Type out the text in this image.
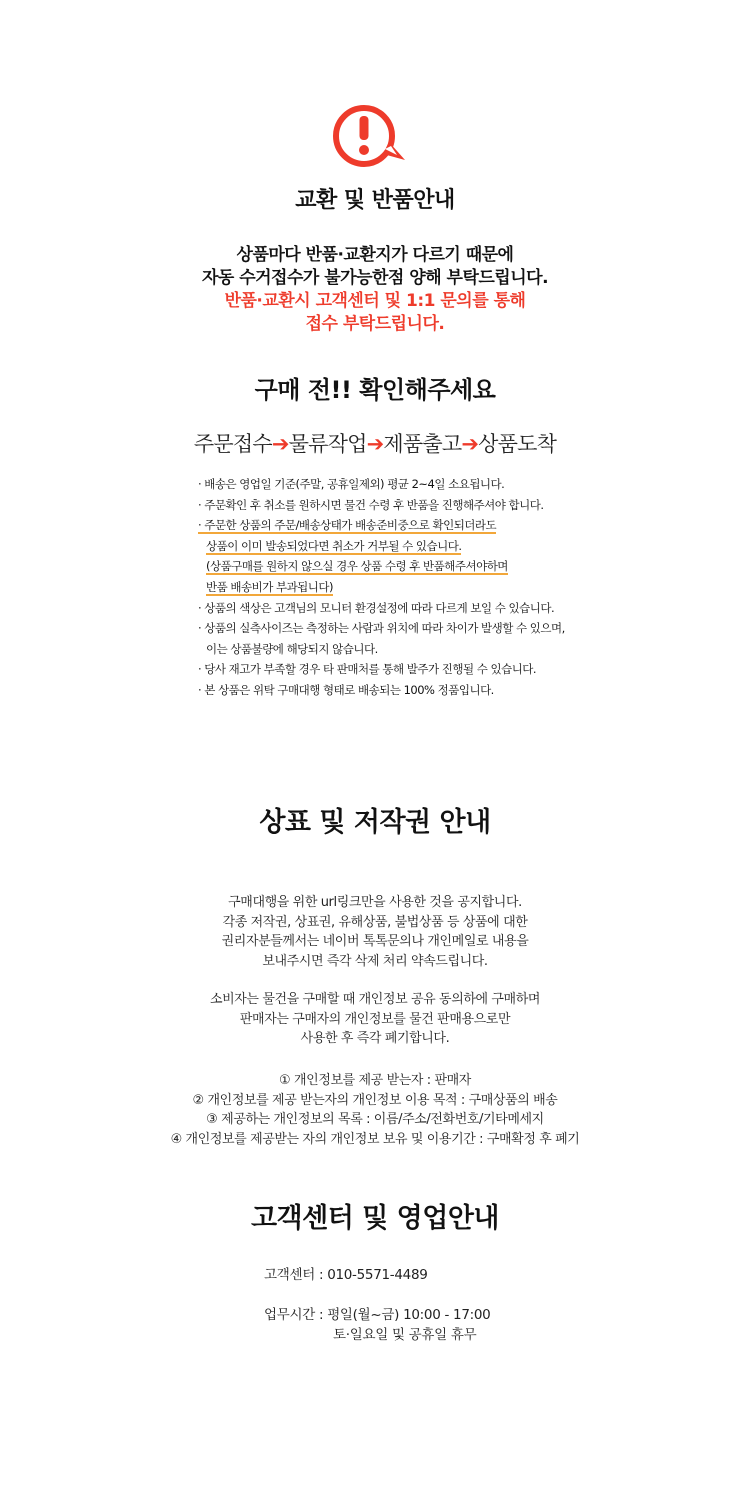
교환 및 반품안내
상품마다 반품·교환지가 다르기 때문에
자동 수거접수가 불가능한점 양해 부탁드립니다.
반품·교환시 고객센터 및 1:1 문의를 통해
접수 부탁드립니다.
구매 전!! 확인해주세요
주문접수➔물류작업➔제품출고➔상품도착
· 배송은 영업일 기준(주말, 공휴일제외) 평균 2~4일 소요됩니다.
· 주문확인 후 취소를 원하시면 물건 수령 후 반품을 진행해주셔야 합니다.
· 주문한 상품의 주문/배송상태가 배송준비중으로 확인되더라도
상품이 이미 발송되었다면 취소가 거부될 수 있습니다.
(상품구매를 원하지 않으실 경우 상품 수령 후 반품해주셔야하며
반품 배송비가 부과됩니다)
· 상품의 색상은 고객님의 모니터 환경설정에 따라 다르게 보일 수 있습니다.
· 상품의 실측사이즈는 측정하는 사람과 위치에 따라 차이가 발생할 수 있으며,
이는 상품불량에 해당되지 않습니다.
· 당사 재고가 부족할 경우 타 판매처를 통해 발주가 진행될 수 있습니다.
· 본 상품은 위탁 구매대행 형태로 배송되는 100% 정품입니다.
상표 및 저작권 안내
구매대행을 위한 url링크만을 사용한 것을 공지합니다.
각종 저작권, 상표권, 유해상품, 불법상품 등 상품에 대한
권리자분들께서는 네이버 톡톡문의나 개인메일로 내용을
보내주시면 즉각 삭제 처리 약속드립니다.
소비자는 물건을 구매할 때 개인정보 공유 동의하에 구매하며
판매자는 구매자의 개인정보를 물건 판매용으로만
사용한 후 즉각 폐기합니다.
① 개인정보를 제공 받는자 : 판매자
② 개인정보를 제공 받는자의 개인정보 이용 목적 : 구매상품의 배송
③ 제공하는 개인정보의 목록 : 이름/주소/전화번호/기타메세지
④ 개인정보를 제공받는 자의 개인정보 보유 및 이용기간 : 구매확정 후 폐기
고객센터 및 영업안내
고객센터 : 010-5571-4489
업무시간 : 평일(월~금) 10:00 - 17:00
토·일요일 및 공휴일 휴무
